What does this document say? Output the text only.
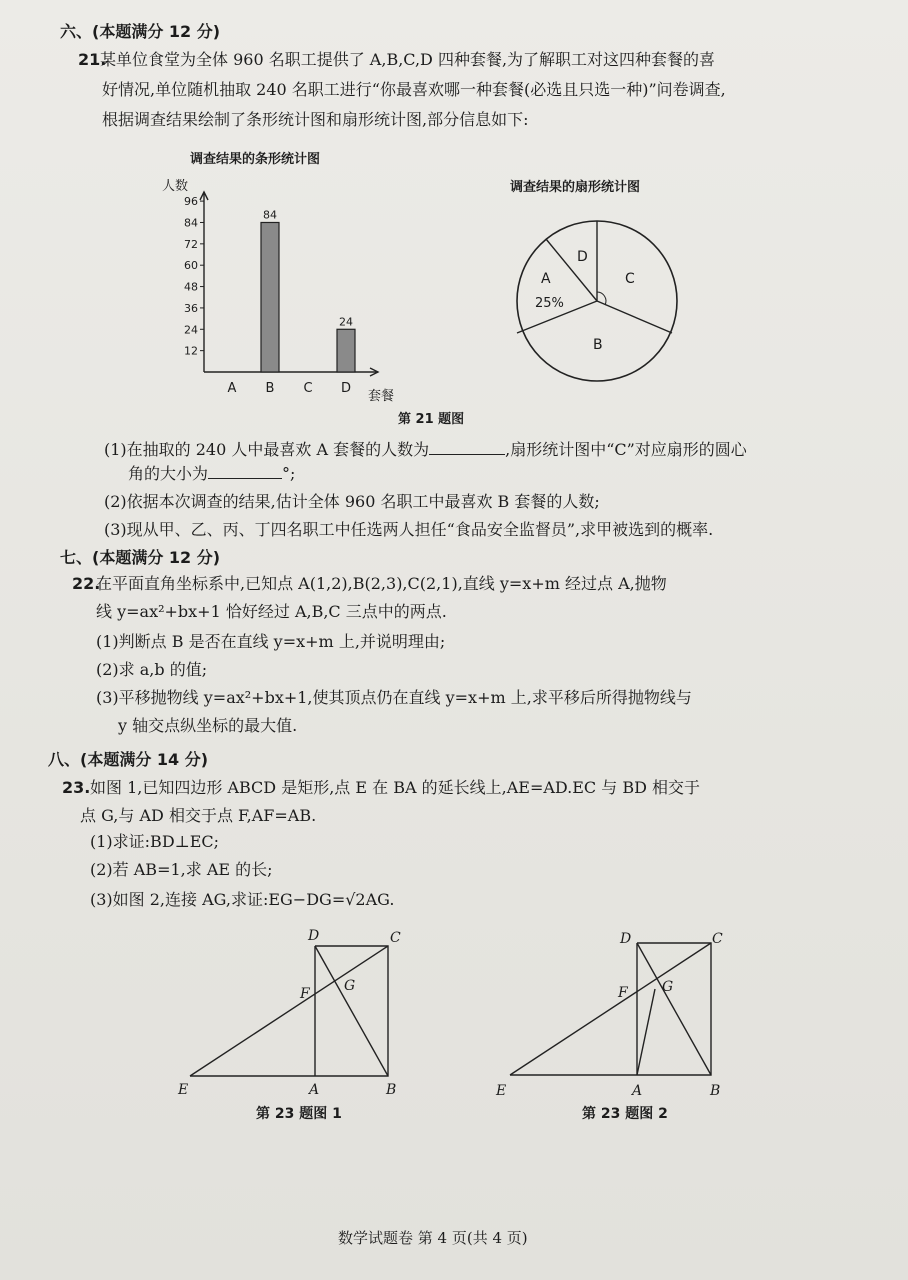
六、(本题满分 12 分)
21.
某单位食堂为全体 960 名职工提供了 A,B,C,D 四种套餐,为了解职工对这四种套餐的喜
好情况,单位随机抽取 240 名职工进行“你最喜欢哪一种套餐(必选且只选一种)”问卷调查,
根据调查结果绘制了条形统计图和扇形统计图,部分信息如下:
调查结果的条形统计图
调查结果的扇形统计图
12
24
36
48
60
72
84
96
84
24
A B C D
人数
套餐
D
C
A
25%
B
第 21 题图
(1)在抽取的 240 人中最喜欢 A 套餐的人数为	,扇形统计图中“C”对应扇形的圆心
角的大小为	°;
(2)依据本次调查的结果,估计全体 960 名职工中最喜欢 B 套餐的人数;
(3)现从甲、乙、丙、丁四名职工中任选两人担任“食品安全监督员”,求甲被选到的概率.
七、(本题满分 12 分)
22.
在平面直角坐标系中,已知点 A(1,2),B(2,3),C(2,1),直线 y=x+m 经过点 A,抛物
线 y=ax²+bx+1 恰好经过 A,B,C 三点中的两点.
(1)判断点 B 是否在直线 y=x+m 上,并说明理由;
(2)求 a,b 的值;
(3)平移抛物线 y=ax²+bx+1,使其顶点仍在直线 y=x+m 上,求平移后所得抛物线与
y 轴交点纵坐标的最大值.
八、(本题满分 14 分)
23. 如图 1,已知四边形 ABCD 是矩形,点 E 在 BA 的延长线上,AE=AD.EC 与 BD 相交于
点 G,与 AD 相交于点 F,AF=AB.
(1)求证:BD⊥EC;
(2)若 AB=1,求 AE 的长;
(3)如图 2,连接 AG,求证:EG−DG=√2AG.
D	C
F G
E	A	B
第 23 题图 1
D	C
F G
E	A	B
第 23 题图 2
数学试题卷 第 4 页(共 4 页)
